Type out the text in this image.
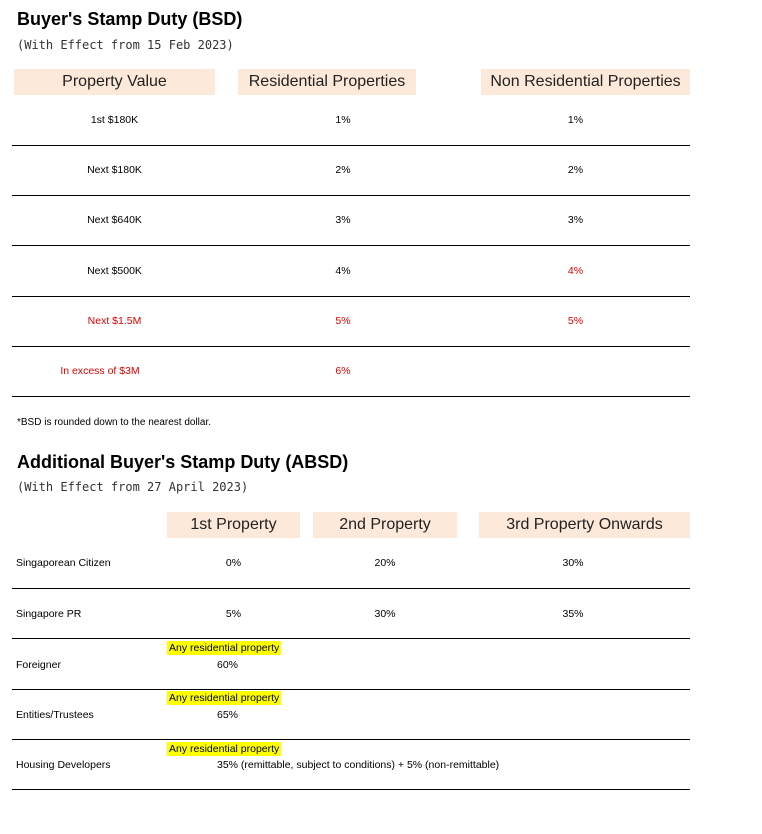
Buyer's Stamp Duty (BSD)
(With Effect from 15 Feb 2023)
Property Value	Residential Properties	Non Residential Properties
1st $180K	1%	1%
Next $180K	2%	2%
Next $640K	3%	3%
Next $500K	4%	4%
Next $1.5M	5%	5%
In excess of $3M	6%
*BSD is rounded down to the nearest dollar.
Additional Buyer's Stamp Duty (ABSD)
(With Effect from 27 April 2023)
1st Property	2nd Property	3rd Property Onwards
Singaporean Citizen	0%	20%	30%
Singapore PR	5%	30%	35%
Any residential property
Foreigner	60%
Any residential property
Entities/Trustees	65%
Any residential property
Housing Developers	35% (remittable, subject to conditions) + 5% (non-remittable)
